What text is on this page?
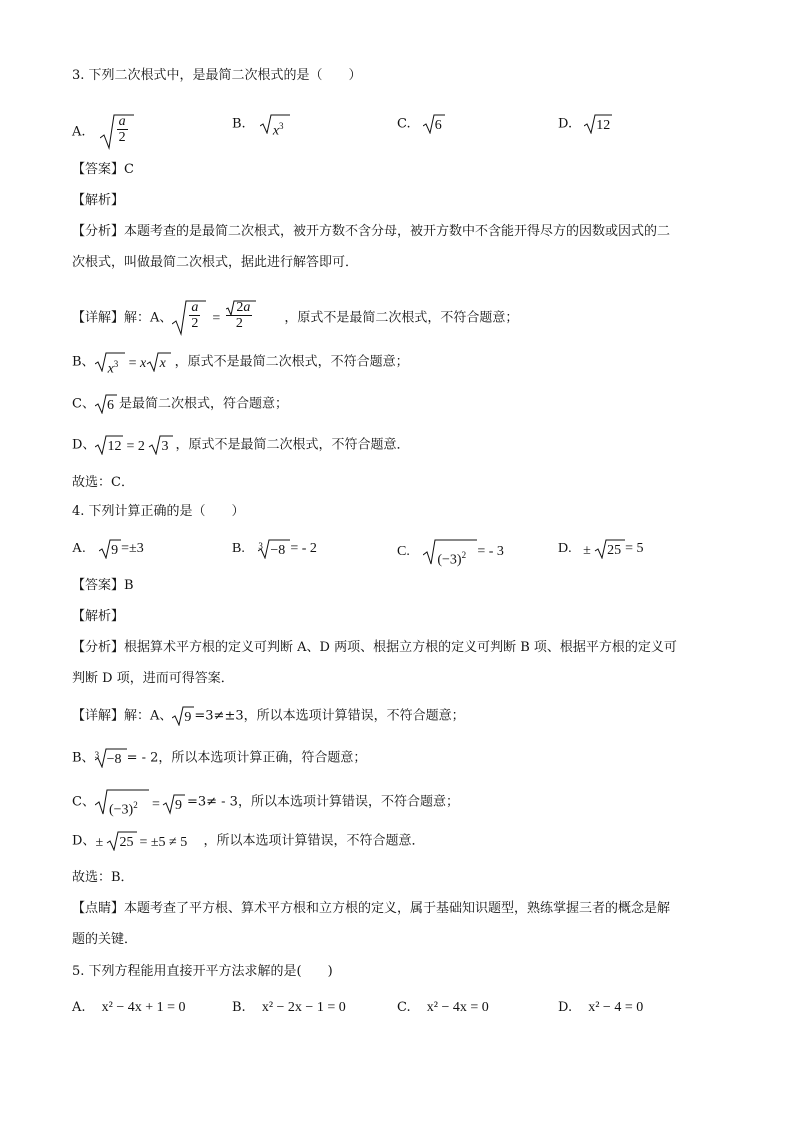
3. 下列二次根式中，是最简二次根式的是（　　）
A. $\frac{a}{2}$	B. $x^3$	C. 6	D. 12
【答案】C
【解析】
【分析】本题考查的是最简二次根式，被开方数不含分母，被开方数中不含能开得尽方的因数或因式的二
次根式，叫做最简二次根式，据此进行解答即可．
【详解】解：A、 $\frac{a}{2} = \frac{2a}{2}$ ，原式不是最简二次根式，不符合题意；
B、 $x^3 = x$ x ，原式不是最简二次根式，不符合题意；
C、 6 是最简二次根式，符合题意；
D、 12 = 2 3 ，原式不是最简二次根式，不符合题意．
故选：C．
4. 下列计算正确的是（　　）
A. 9 =±3	B. 3 −8 = - 2	C.
$(-3)^2$ = - 3	D. ± 25 = 5
【答案】B
【解析】
【分析】根据算术平方根的定义可判断 A、D 两项、根据立方根的定义可判断 B 项、根据平方根的定义可
判断 D 项，进而可得答案．
【详解】解：A、 9 =3≠±3，所以本选项计算错误，不符合题意；
B、 3 −8 = - 2，所以本选项计算正确，符合题意；
C、
$(-3)^2 = 9 =3\ne - 3$，所以本选项计算错误，不符合题意；
D、 ± 25 = ±5 ≠ 5 ，所以本选项计算错误，不符合题意．
故选：B．
【点睛】本题考查了平方根、算术平方根和立方根的定义，属于基础知识题型，熟练掌握三者的概念是解
题的关键．
5. 下列方程能用直接开平方法求解的是(　　)
A. x² − 4x + 1 = 0	B. x² − 2x − 1 = 0	C. x² − 4x = 0	D. x² − 4 = 0
